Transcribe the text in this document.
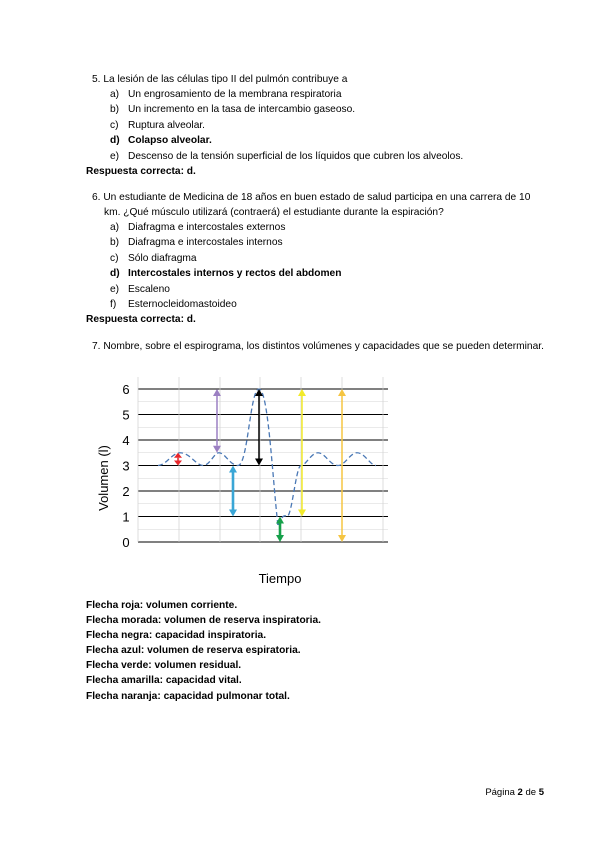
5. La lesión de las células tipo II del pulmón contribuye a
a) Un engrosamiento de la membrana respiratoria
b) Un incremento en la tasa de intercambio gaseoso.
c) Ruptura alveolar.
d) Colapso alveolar.
e) Descenso de la tensión superficial de los líquidos que cubren los alveolos.
Respuesta correcta: d.
6. Un estudiante de Medicina de 18 años en buen estado de salud participa en una carrera de 10 km. ¿Qué músculo utilizará (contraerá) el estudiante durante la espiración?
a) Diafragma e intercostales externos
b) Diafragma e intercostales internos
c) Sólo diafragma
d) Intercostales internos y rectos del abdomen
e) Escaleno
f)	Esternocleidomastoideo
Respuesta correcta: d.
7. Nombre, sobre el espirograma, los distintos volúmenes y capacidades que se pueden determinar.
0
1
2
3
4
5
6
Volumen (l)
Tiempo
Flecha roja: volumen corriente.
Flecha morada: volumen de reserva inspiratoria.
Flecha negra: capacidad inspiratoria.
Flecha azul: volumen de reserva espiratoria.
Flecha verde: volumen residual.
Flecha amarilla: capacidad vital.
Flecha naranja: capacidad pulmonar total.
Página 2 de 5
